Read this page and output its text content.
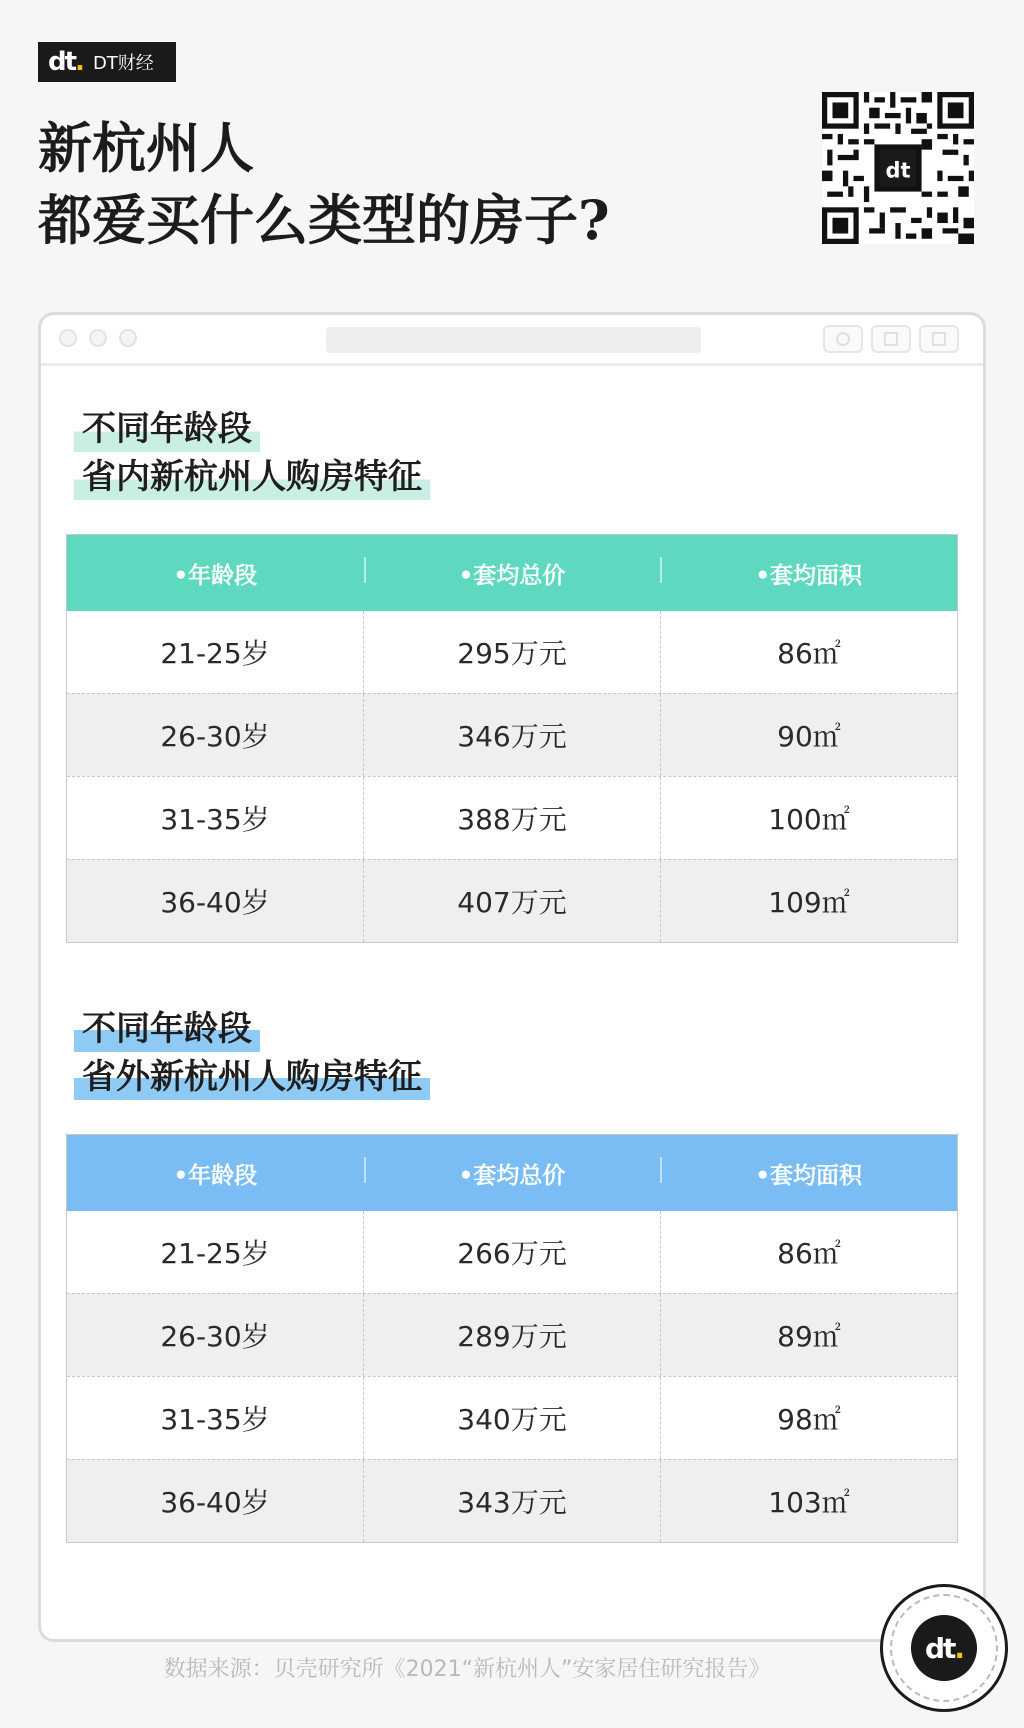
dt. DT财经
新杭州人
都爱买什么类型的房子?
dt
不同年龄段
省内新杭州人购房特征
•年龄段	•套均总价	•套均面积
21-25岁	295万元	86㎡
26-30岁	346万元	90㎡
31-35岁	388万元	100㎡
36-40岁	407万元	109㎡
不同年龄段
省外新杭州人购房特征
•年龄段	•套均总价	•套均面积
21-25岁	266万元	86㎡
26-30岁	289万元	89㎡
31-35岁	340万元	98㎡
36-40岁	343万元	103㎡
数据来源：贝壳研究所《2021“新杭州人”安家居住研究报告》
dt .
